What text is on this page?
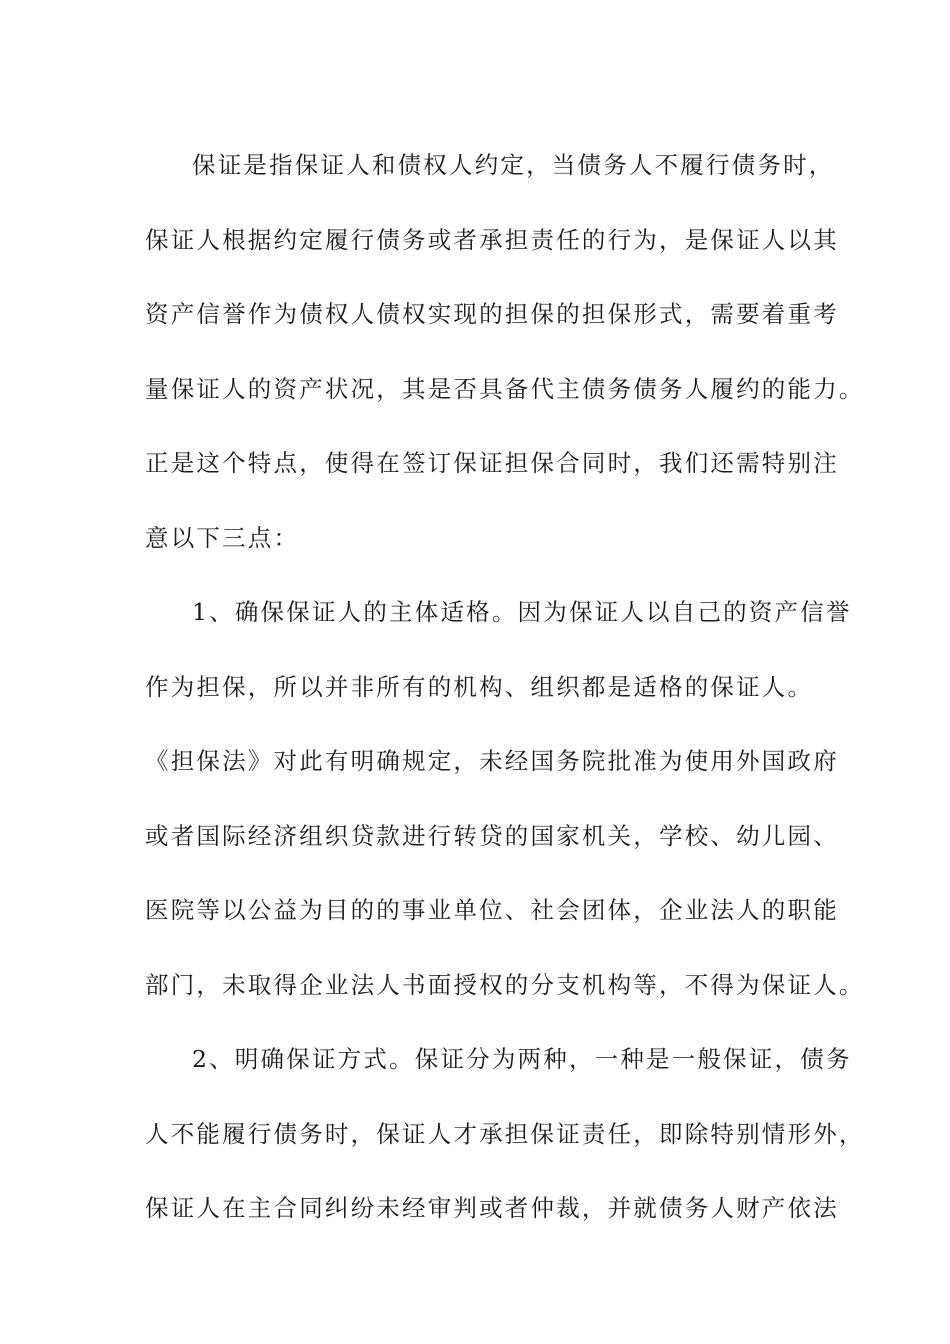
保证是指保证人和债权人约定，当债务人不履行债务时，
保证人根据约定履行债务或者承担责任的行为，是保证人以其
资产信誉作为债权人债权实现的担保的担保形式，需要着重考
量保证人的资产状况，其是否具备代主债务债务人履约的能力。
正是这个特点，使得在签订保证担保合同时，我们还需特别注
意以下三点：
1、确保保证人的主体适格。因为保证人以自己的资产信誉
作为担保，所以并非所有的机构、组织都是适格的保证人。
《担保法》对此有明确规定，未经国务院批准为使用外国政府
或者国际经济组织贷款进行转贷的国家机关，学校、幼儿园、
医院等以公益为目的的事业单位、社会团体，企业法人的职能
部门，未取得企业法人书面授权的分支机构等，不得为保证人。
2、明确保证方式。保证分为两种，一种是一般保证，债务
人不能履行债务时，保证人才承担保证责任，即除特别情形外，
保证人在主合同纠纷未经审判或者仲裁，并就债务人财产依法
